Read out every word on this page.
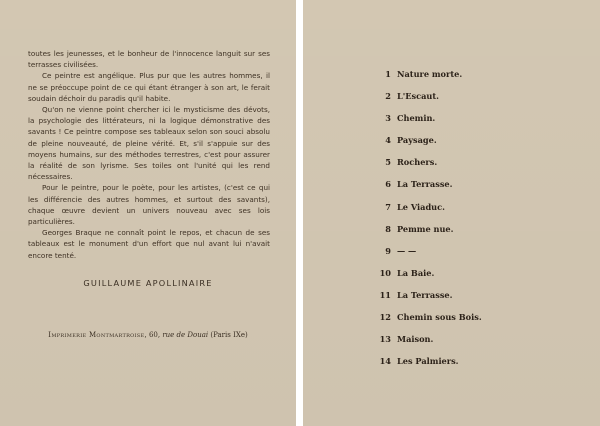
toutes les jeunesses, et le bonheur de l'innocence languit sur ses terrasses civilisées.

Ce peintre est angélique. Plus pur que les autres hommes, il ne se préoccupe point de ce qui étant étranger à son art, le ferait soudain déchoir du paradis qu'il habite.

Qu'on ne vienne point chercher ici le mysticisme des dévots, la psychologie des littérateurs, ni la logique démonstrative des savants ! Ce peintre compose ses tableaux selon son souci absolu de pleine nouveauté, de pleine vérité. Et, s'il s'appuie sur des moyens humains, sur des méthodes terrestres, c'est pour assurer la réalité de son lyrisme. Ses toiles ont l'unité qui les rend nécessaires.

Pour le peintre, pour le poète, pour les artistes, (c'est ce qui les différencie des autres hommes, et surtout des savants), chaque œuvre devient un univers nouveau avec ses lois particulières.

Georges Braque ne connaît point le repos, et chacun de ses tableaux est le monument d'un effort que nul avant lui n'avait encore tenté.

GUILLAUME APOLLINAIRE
Imprimerie Montmartroise, 60, rue de Douai (Paris IXe)
1 Nature morte.
2 L'Escaut.
3 Chemin.
4 Paysage.
5 Rochers.
6 La Terrasse.
7 Le Viaduc.
8 Pemme nue.
9 — —
10 La Baie.
11 La Terrasse.
12 Chemin sous Bois.
13 Maison.
14 Les Palmiers.
